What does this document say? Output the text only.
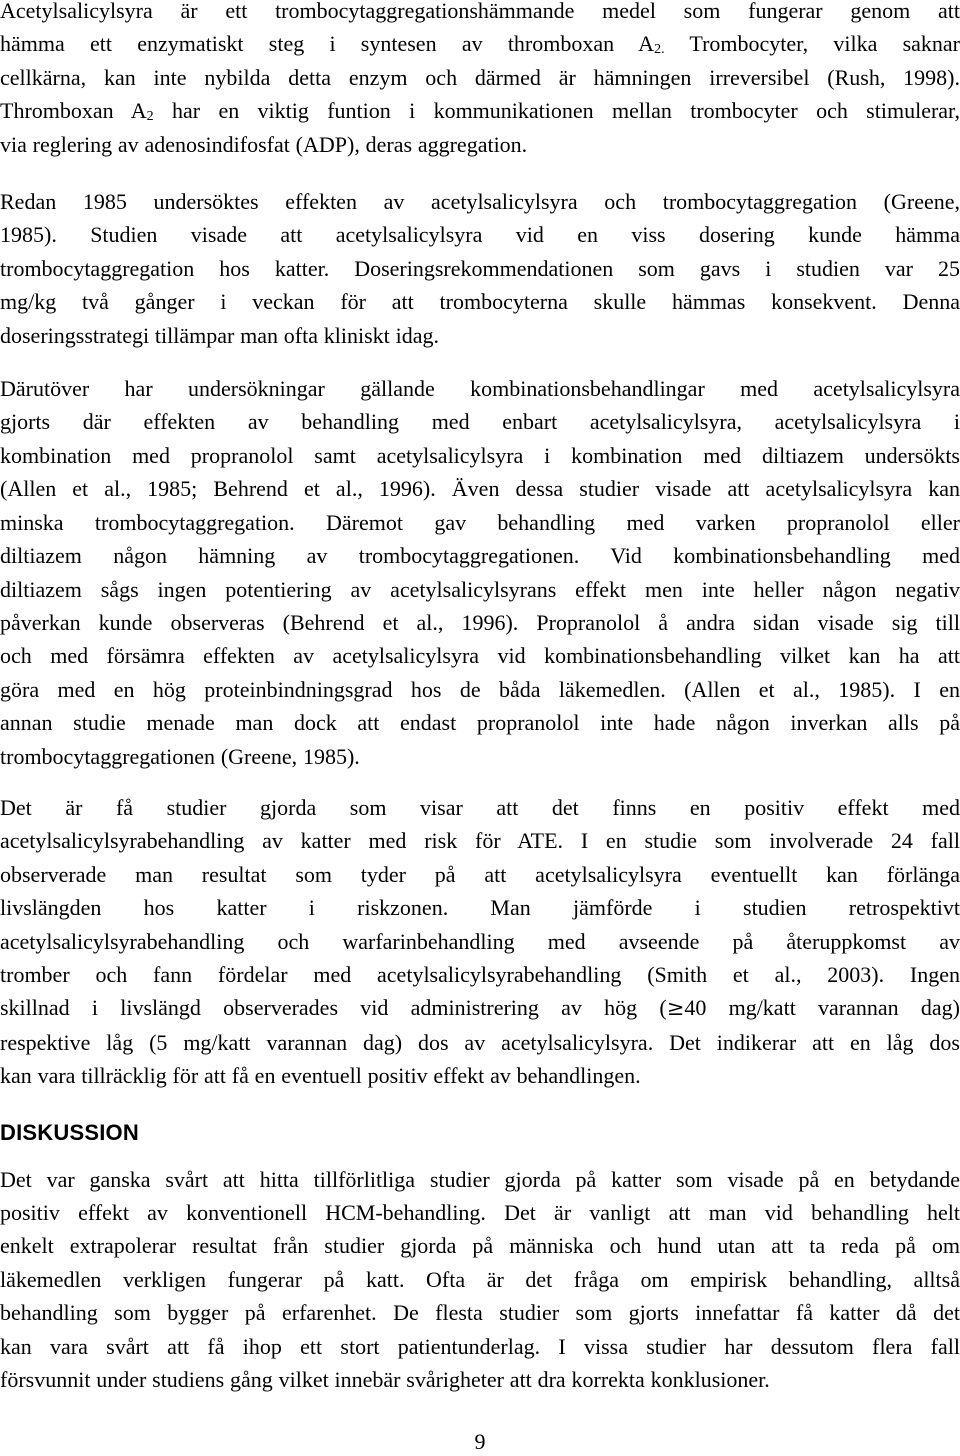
Acetylsalicylsyra är ett trombocytaggregationshämmande medel som fungerar genom att
hämma ett enzymatiskt steg i syntesen av thromboxan $A_{2.}$ Trombocyter, vilka saknar
cellkärna, kan inte nybilda detta enzym och därmed är hämningen irreversibel (Rush, 1998).
Thromboxan $A_2$ har en viktig funtion i kommunikationen mellan trombocyter och stimulerar,
via reglering av adenosindifosfat (ADP), deras aggregation.

Redan 1985 undersöktes effekten av acetylsalicylsyra och trombocytaggregation (Greene,
1985). Studien visade att acetylsalicylsyra vid en viss dosering kunde hämma
trombocytaggregation hos katter. Doseringsrekommendationen som gavs i studien var 25
mg/kg två gånger i veckan för att trombocyterna skulle hämmas konsekvent. Denna
doseringsstrategi tillämpar man ofta kliniskt idag.

Därutöver har undersökningar gällande kombinationsbehandlingar med acetylsalicylsyra
gjorts där effekten av behandling med enbart acetylsalicylsyra, acetylsalicylsyra i
kombination med propranolol samt acetylsalicylsyra i kombination med diltiazem undersökts
(Allen et al., 1985; Behrend et al., 1996). Även dessa studier visade att acetylsalicylsyra kan
minska trombocytaggregation. Däremot gav behandling med varken propranolol eller
diltiazem någon hämning av trombocytaggregationen. Vid kombinationsbehandling med
diltiazem sågs ingen potentiering av acetylsalicylsyrans effekt men inte heller någon negativ
påverkan kunde observeras (Behrend et al., 1996). Propranolol å andra sidan visade sig till
och med försämra effekten av acetylsalicylsyra vid kombinationsbehandling vilket kan ha att
göra med en hög proteinbindningsgrad hos de båda läkemedlen. (Allen et al., 1985). I en
annan studie menade man dock att endast propranolol inte hade någon inverkan alls på
trombocytaggregationen (Greene, 1985).

Det är få studier gjorda som visar att det finns en positiv effekt med
acetylsalicylsyrabehandling av katter med risk för ATE. I en studie som involverade 24 fall
observerade man resultat som tyder på att acetylsalicylsyra eventuellt kan förlänga
livslängden hos katter i riskzonen. Man jämförde i studien retrospektivt
acetylsalicylsyrabehandling och warfarinbehandling med avseende på återuppkomst av
tromber och fann fördelar med acetylsalicylsyrabehandling (Smith et al., 2003). Ingen
skillnad i livslängd observerades vid administrering av hög (≥40 mg/katt varannan dag)
respektive låg (5 mg/katt varannan dag) dos av acetylsalicylsyra. Det indikerar att en låg dos
kan vara tillräcklig för att få en eventuell positiv effekt av behandlingen.

DISKUSSION

Det var ganska svårt att hitta tillförlitliga studier gjorda på katter som visade på en betydande
positiv effekt av konventionell HCM-behandling. Det är vanligt att man vid behandling helt
enkelt extrapolerar resultat från studier gjorda på människa och hund utan att ta reda på om
läkemedlen verkligen fungerar på katt. Ofta är det fråga om empirisk behandling, alltså
behandling som bygger på erfarenhet. De flesta studier som gjorts innefattar få katter då det
kan vara svårt att få ihop ett stort patientunderlag. I vissa studier har dessutom flera fall
försvunnit under studiens gång vilket innebär svårigheter att dra korrekta konklusioner.

9
